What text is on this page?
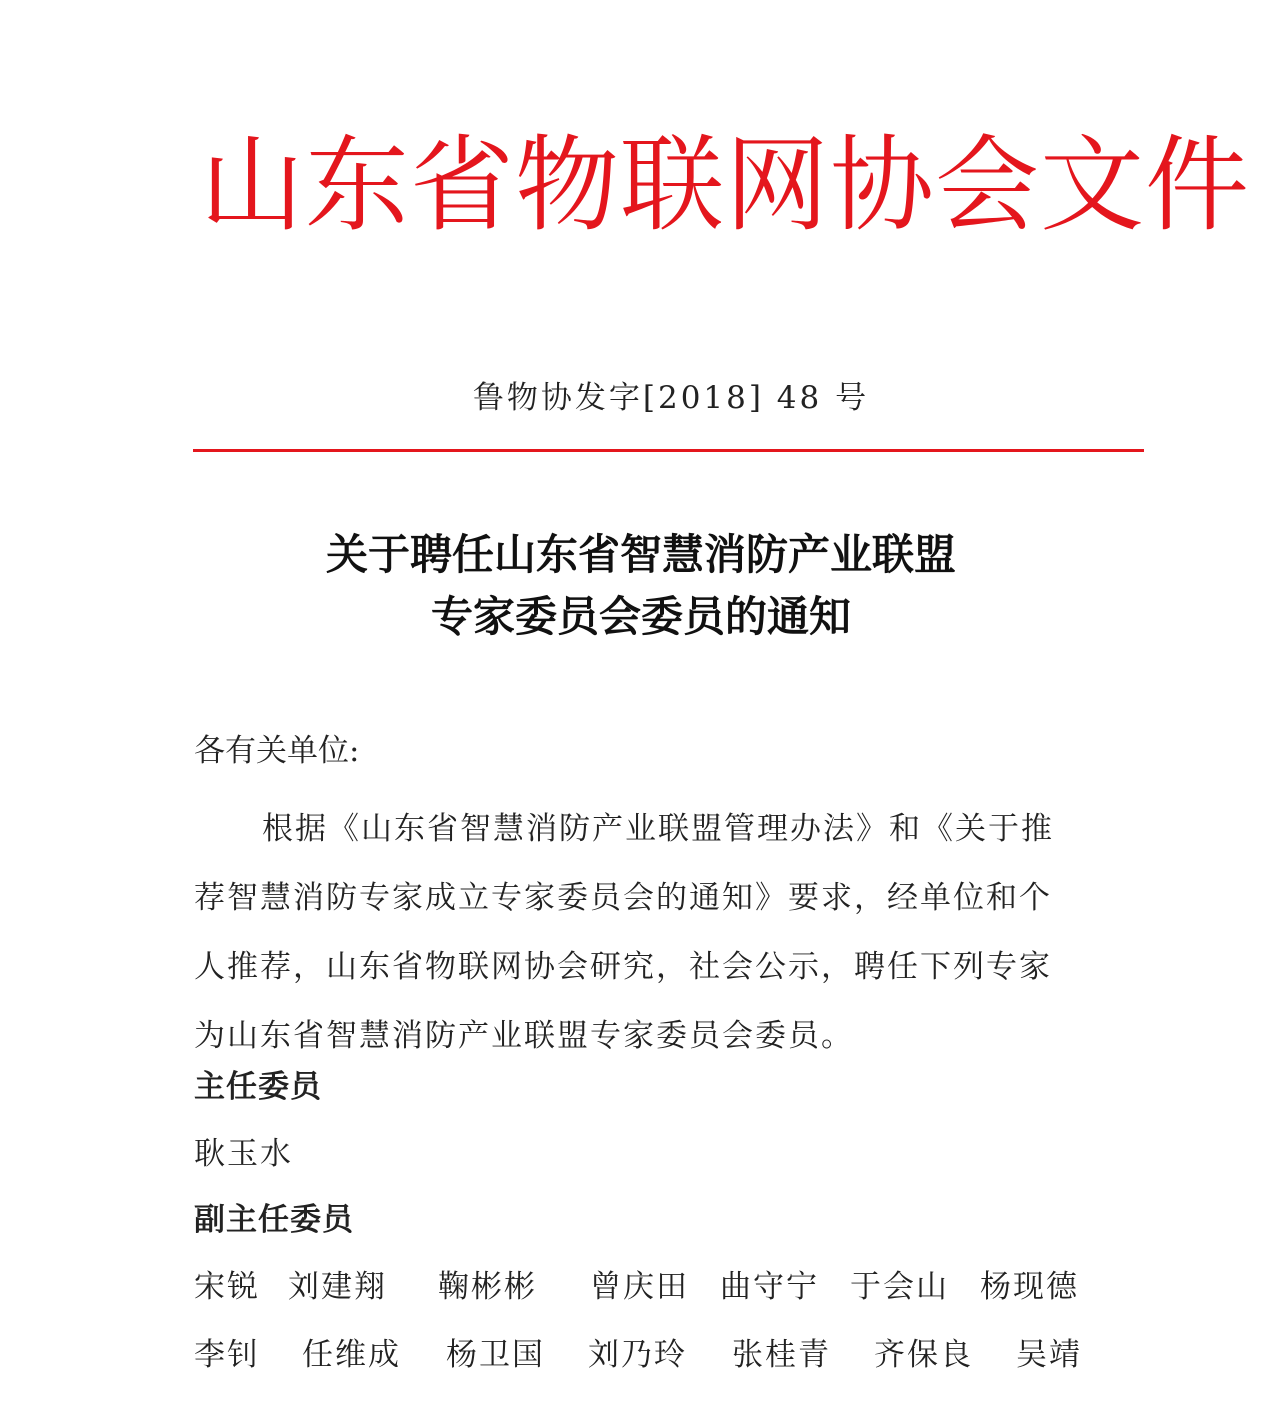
山东省物联网协会文件
鲁物协发字[2018] 48 号
关于聘任山东省智慧消防产业联盟
专家委员会委员的通知
各有关单位:
根据《山东省智慧消防产业联盟管理办法》和《关于推
荐智慧消防专家成立专家委员会的通知》要求，经单位和个
人推荐，山东省物联网协会研究，社会公示，聘任下列专家
为山东省智慧消防产业联盟专家委员会委员。
主任委员
耿玉水
副主任委员
宋锐 刘建翔 鞠彬彬 曾庆田 曲守宁 于会山 杨现德
李钊 任维成 杨卫国 刘乃玲 张桂青 齐保良 吴靖
